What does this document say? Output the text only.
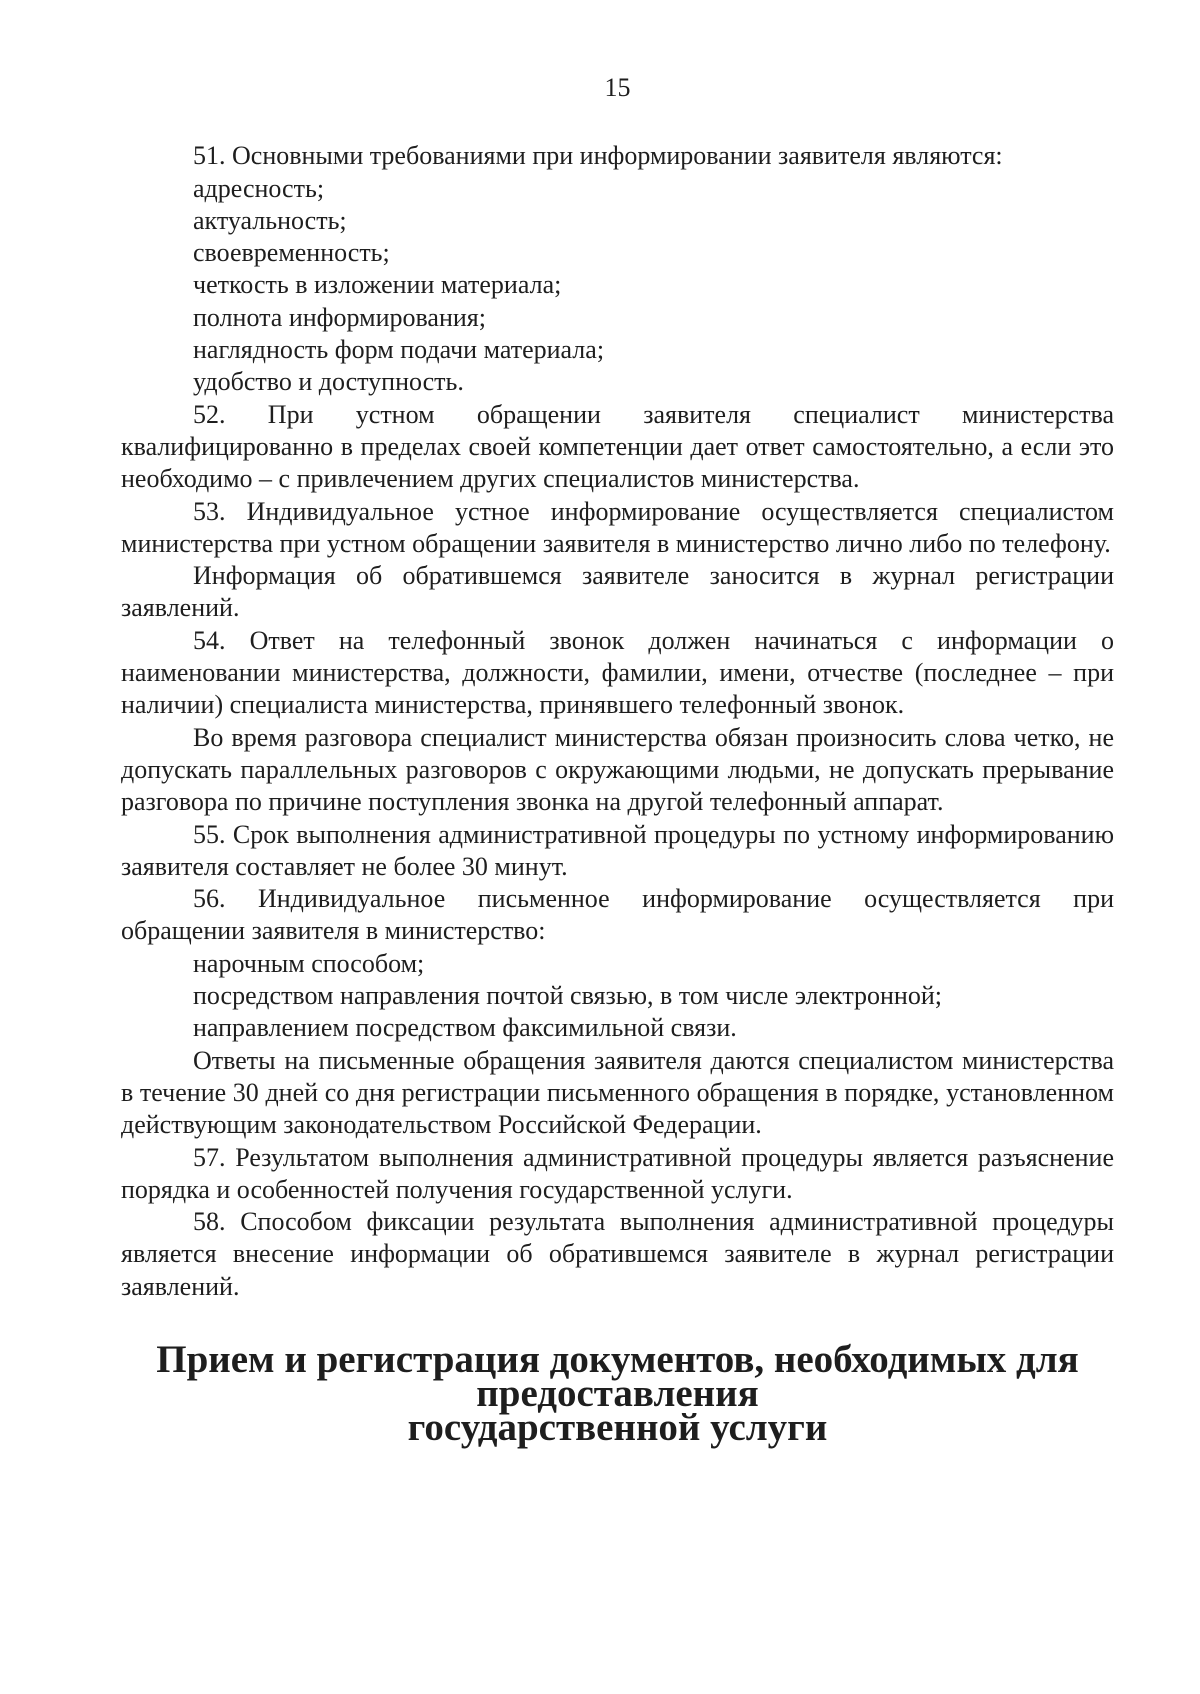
15

51. Основными требованиями при информировании заявителя являются:

адресность;

актуальность;

своевременность;

четкость в изложении материала;

полнота информирования;

наглядность форм подачи материала;

удобство и доступность.

52. При устном обращении заявителя специалист министерства квалифицированно в пределах своей компетенции дает ответ самостоятельно, а если это необходимо – с привлечением других специалистов министерства.

53. Индивидуальное устное информирование осуществляется специалистом министерства при устном обращении заявителя в министерство лично либо по телефону.

Информация об обратившемся заявителе заносится в журнал регистрации заявлений.

54. Ответ на телефонный звонок должен начинаться с информации о наименовании министерства, должности, фамилии, имени, отчестве (последнее – при наличии) специалиста министерства, принявшего телефонный звонок.

Во время разговора специалист министерства обязан произносить слова четко, не допускать параллельных разговоров с окружающими людьми, не допускать прерывание разговора по причине поступления звонка на другой телефонный аппарат.

55. Срок выполнения административной процедуры по устному информированию заявителя составляет не более 30 минут.

56. Индивидуальное письменное информирование осуществляется при обращении заявителя в министерство:

нарочным способом;

посредством направления почтой связью, в том числе электронной;

направлением посредством факсимильной связи.

Ответы на письменные обращения заявителя даются специалистом министерства в течение 30 дней со дня регистрации письменного обращения в порядке, установленном действующим законодательством Российской Федерации.

57. Результатом выполнения административной процедуры является разъяснение порядка и особенностей получения государственной услуги.

58. Способом фиксации результата выполнения административной процедуры является внесение информации об обратившемся заявителе в журнал регистрации заявлений.

Прием и регистрация документов, необходимых для предоставления
государственной услуги
